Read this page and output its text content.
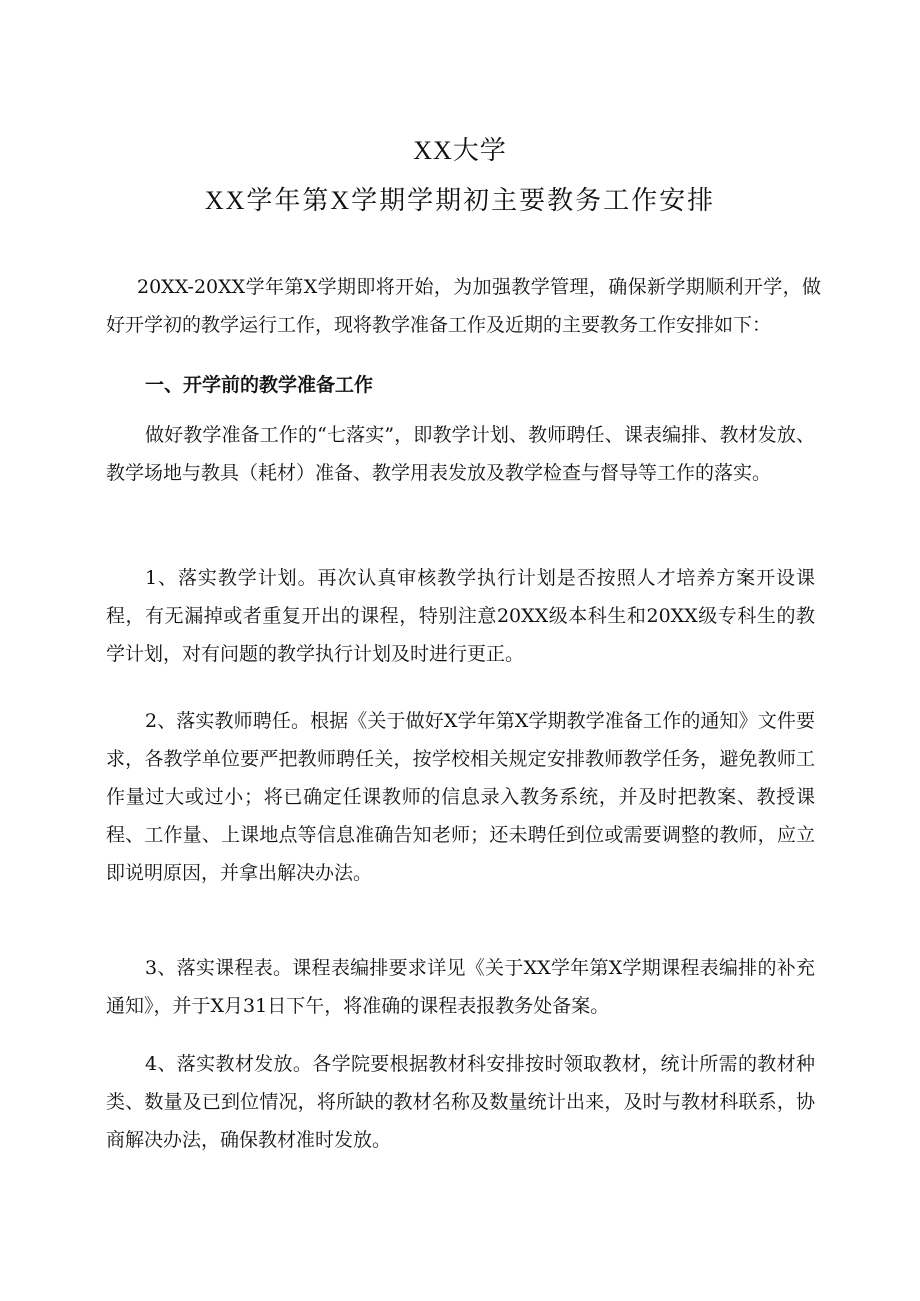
XX大学
XX学年第X学期学期初主要教务工作安排

20XX-20XX学年第X学期即将开始，为加强教学管理，确保新学期顺利开学，做好开学初的教学运行工作，现将教学准备工作及近期的主要教务工作安排如下：

一、开学前的教学准备工作

做好教学准备工作的“七落实”，即教学计划、教师聘任、课表编排、教材发放、教学场地与教具（耗材）准备、教学用表发放及教学检查与督导等工作的落实。

1、落实教学计划。再次认真审核教学执行计划是否按照人才培养方案开设课程，有无漏掉或者重复开出的课程，特别注意20XX级本科生和20XX级专科生的教学计划，对有问题的教学执行计划及时进行更正。

2、落实教师聘任。根据《关于做好X学年第X学期教学准备工作的通知》文件要求，各教学单位要严把教师聘任关，按学校相关规定安排教师教学任务，避免教师工作量过大或过小；将已确定任课教师的信息录入教务系统，并及时把教案、教授课程、工作量、上课地点等信息准确告知老师；还未聘任到位或需要调整的教师，应立即说明原因，并拿出解决办法。

3、落实课程表。课程表编排要求详见《关于XX学年第X学期课程表编排的补充通知》，并于X月31日下午，将准确的课程表报教务处备案。

4、落实教材发放。各学院要根据教材科安排按时领取教材，统计所需的教材种类、数量及已到位情况，将所缺的教材名称及数量统计出来，及时与教材科联系，协商解决办法，确保教材准时发放。
